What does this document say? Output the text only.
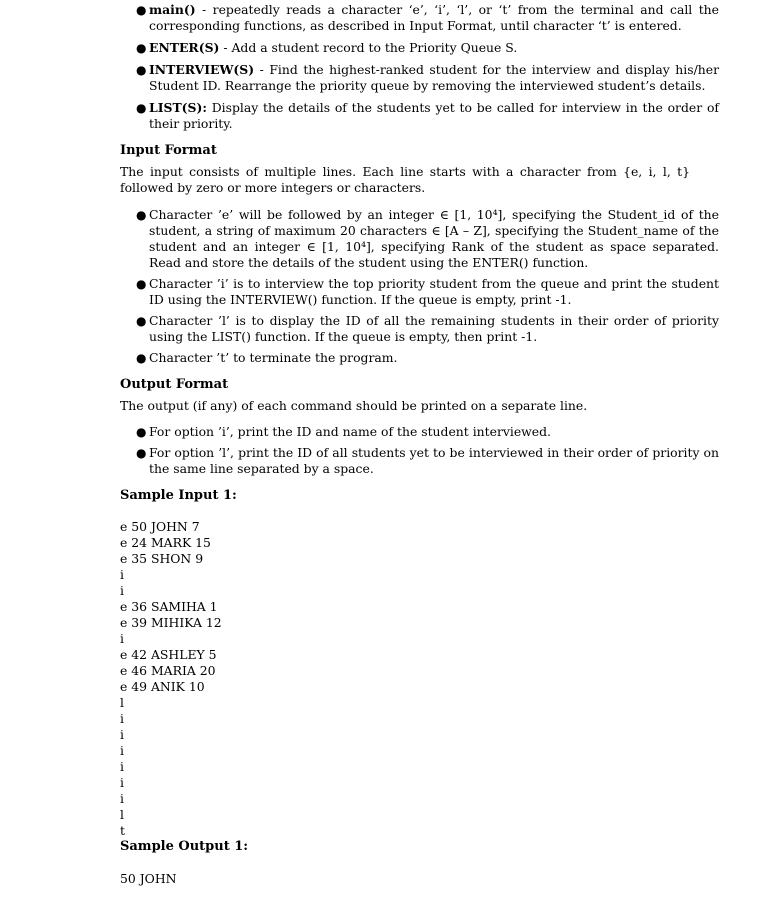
● main() - repeatedly reads a character ‘e’, ‘i’, ‘l’, or ‘t’ from the terminal and call the corresponding functions, as described in Input Format, until character ‘t’ is entered.
● ENTER(S) - Add a student record to the Priority Queue S.
● INTERVIEW(S) - Find the highest-ranked student for the interview and display his/her Student ID. Rearrange the priority queue by removing the interviewed student’s details.
● LIST(S): Display the details of the students yet to be called for interview in the order of their priority.

Input Format

The input consists of multiple lines. Each line starts with a character from {e, i, l, t} followed by zero or more integers or characters.

● Character ’e’ will be followed by an integer ∈ [1, 10⁴], specifying the Student_id of the student, a string of maximum 20 characters ∈ [A – Z], specifying the Student_name of the student and an integer ∈ [1, 10⁴], specifying Rank of the student as space separated. Read and store the details of the student using the ENTER() function.
● Character ’i’ is to interview the top priority student from the queue and print the student ID using the INTERVIEW() function. If the queue is empty, print -1.
● Character ’l’ is to display the ID of all the remaining students in their order of priority using the LIST() function. If the queue is empty, then print -1.
● Character ’t’ to terminate the program.

Output Format

The output (if any) of each command should be printed on a separate line.

● For option ’i’, print the ID and name of the student interviewed.
● For option ’l’, print the ID of all students yet to be interviewed in their order of priority on the same line separated by a space.

Sample Input 1:

e 50 JOHN 7
e 24 MARK 15
e 35 SHON 9
i
i
e 36 SAMIHA 1
e 39 MIHIKA 12
i
e 42 ASHLEY 5
e 46 MARIA 20
e 49 ANIK 10
l
i
i
i
i
i
i
l
t

Sample Output 1:

50 JOHN
